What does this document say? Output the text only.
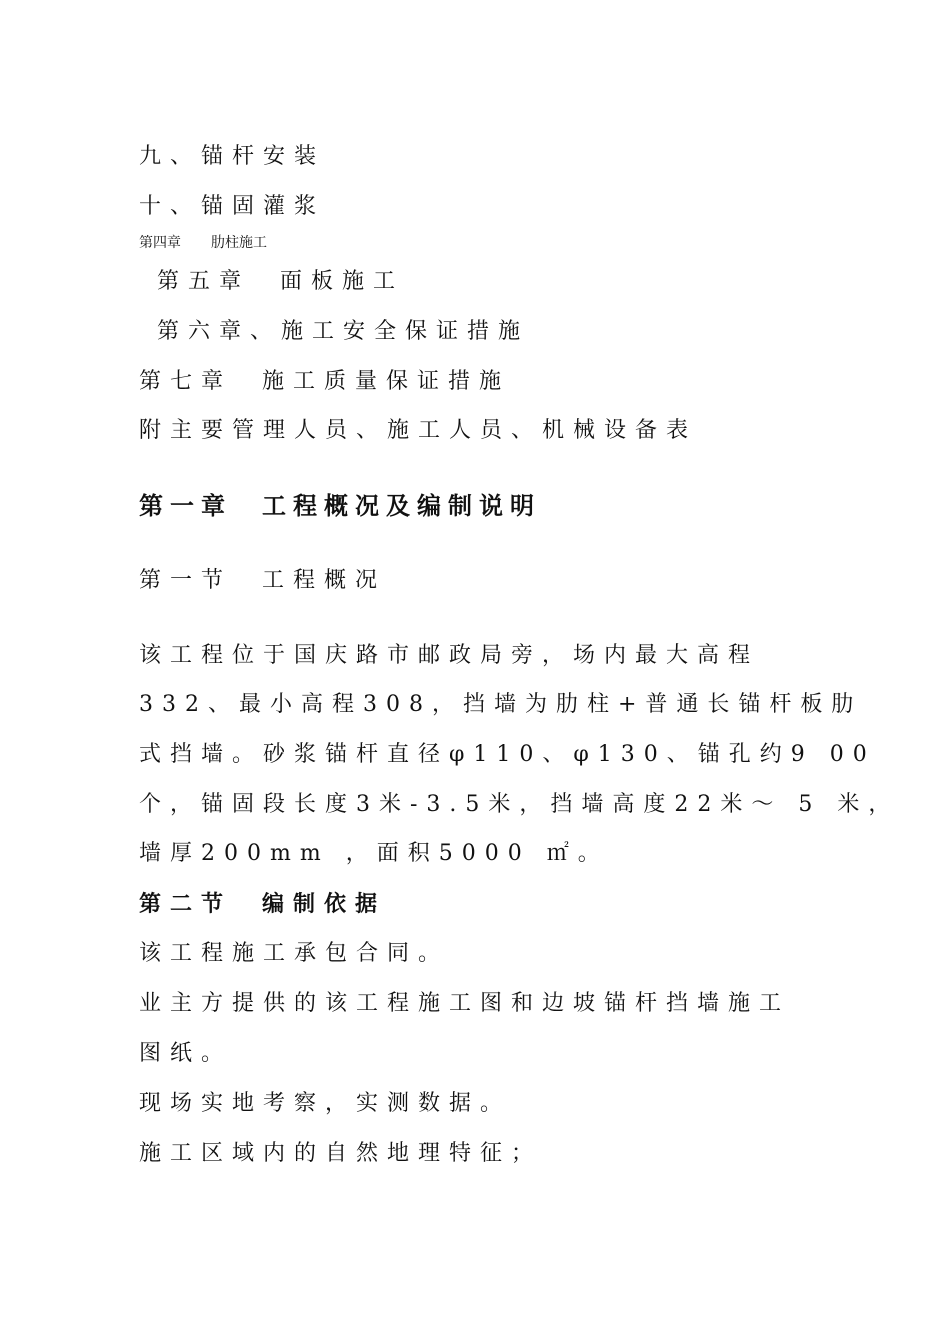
九、锚杆安装
十、锚固灌浆
第四章 肋柱施工
第五章 面板施工
第六章、施工安全保证措施
第七章 施工质量保证措施
附主要管理人员、施工人员、机械设备表
第一章 工程概况及编制说明
第一节 工程概况
该工程位于国庆路市邮政局旁，场内最大高程
332、最小高程308，挡墙为肋柱+普通长锚杆板肋
式挡墙。砂浆锚杆直径φ110、φ130、锚孔约9 00
个，锚固段长度3米-3.5米，挡墙高度22米～ 5 米，
墙厚200mm ，面积5000 ㎡。
第二节 编制依据
该工程施工承包合同。
业主方提供的该工程施工图和边坡锚杆挡墙施工
图纸。
现场实地考察，实测数据。
施工区域内的自然地理特征；
